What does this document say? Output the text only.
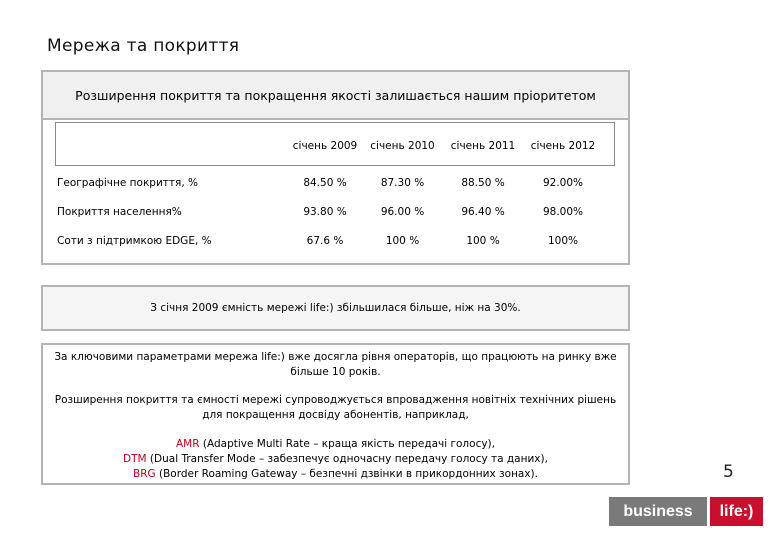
Мережа та покриття
Розширення покриття та покращення якості залишається нашим пріоритетом
	січень 2009	січень 2010	січень 2011	січень 2012
Географічне покриття, %	84.50 %	87.30 %	88.50 %	92.00%
Покриття населення%	93.80 %	96.00 %	96.40 %	98.00%
Соти з підтримкою EDGE, %	67.6 %	100 %	100 %	100%
З січня 2009 ємність мережі life:) збільшилася більше, ніж на 30%.
За ключовими параметрами мережа life:) вже досягла рівня операторів, що працюють на ринку вже більше 10 років.
Розширення покриття та ємності мережі супроводжується впровадження новітніх технічних рішень для покращення досвіду абонентів, наприклад,
AMR (Adaptive Multi Rate – краща якість передачі голосу),
DTM (Dual Transfer Mode – забезпечує одночасну передачу голосу та даних),
BRG (Border Roaming Gateway – безпечні дзвінки в прикордонних зонах).	5
business	life:)
